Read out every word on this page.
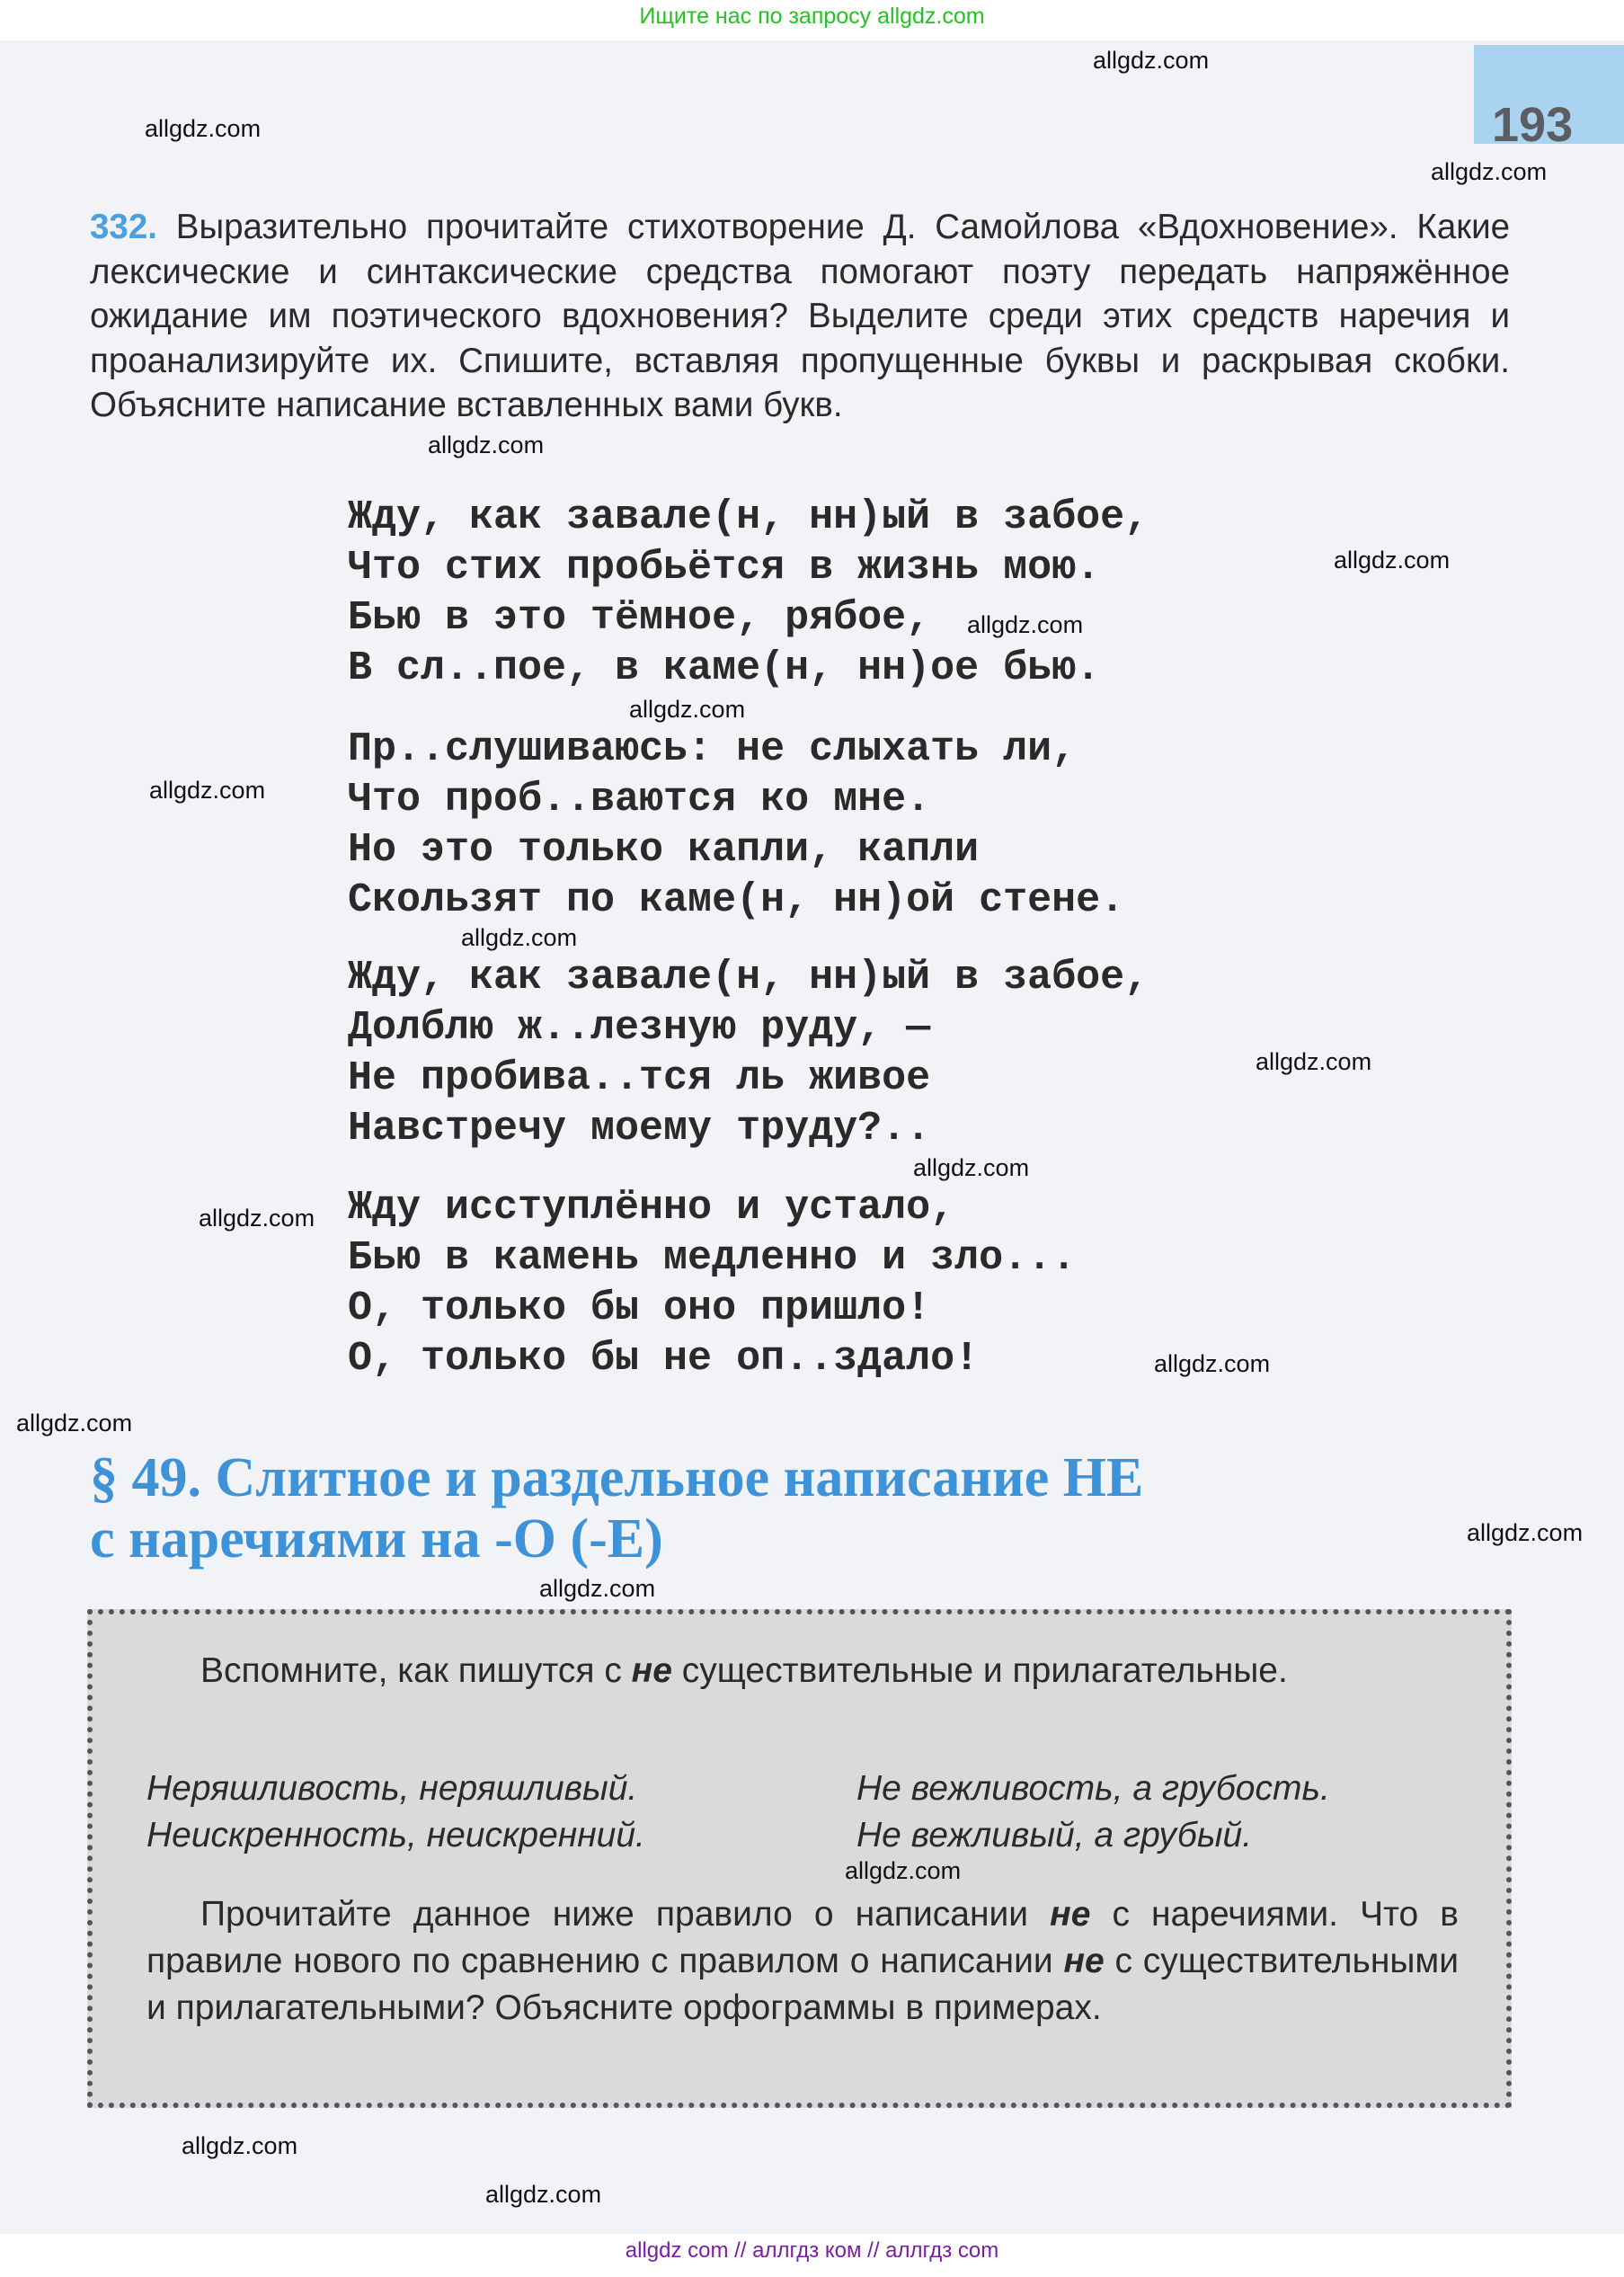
Ищите нас по запросу allgdz.com
193
332. Выразительно прочитайте стихотворение Д. Самойлова «Вдохновение». Какие лексические и синтаксические средства помогают поэту передать напряжённое ожидание им поэтического вдохновения? Выделите среди этих средств наречия и проанализируйте их. Спишите, вставляя пропущенные буквы и раскрывая скобки. Объясните написание вставленных вами букв.
Жду, как завале(н, нн)ый в забое,
Что стих пробьётся в жизнь мою.
Бью в это тёмное, рябое,
В сл..пое, в каме(н, нн)ое бью.
Пр..слушиваюсь: не слыхать ли,
Что проб..ваются ко мне.
Но это только капли, капли
Скользят по каме(н, нн)ой стене.
Жду, как завале(н, нн)ый в забое,
Долблю ж..лезную руду, —
Не пробива..тся ль живое
Навстречу моему труду?..
Жду исступлённо и устало,
Бью в камень медленно и зло...
О, только бы оно пришло!
О, только бы не оп..здало!
§ 49. Слитное и раздельное написание НЕ
с наречиями на -О (-Е)

Вспомните, как пишутся с не существительные и прилагательные.

Неряшливость, неряшливый.	Не вежливость, а грубость.

Неискренность, неискренний.	Не вежливый, а грубый.

Прочитайте данное ниже правило о написании не с наречиями. Что в правиле нового по сравнению с правилом о написании не с существительными и прилагательными? Объясните орфограммы в примерах.

allgdz.com
allgdz.com
allgdz.com
allgdz.com
allgdz.com
allgdz.com
allgdz.com
allgdz.com
allgdz.com
allgdz.com
allgdz.com
allgdz.com
allgdz.com
allgdz.com
allgdz.com
allgdz.com
allgdz.com
allgdz.com
allgdz.com
allgdz com // аллгдз ком // аллгдз com
